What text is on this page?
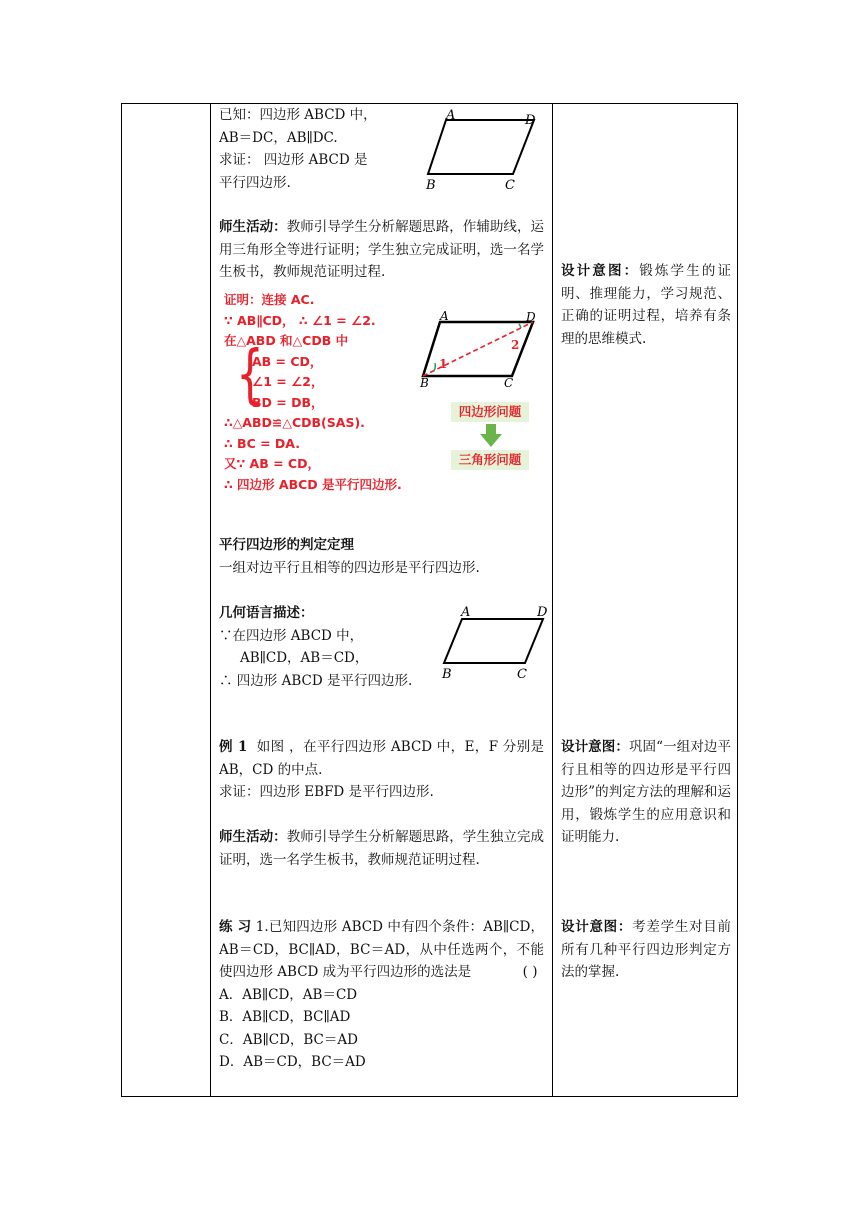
已知：四边形 ABCD 中，
AB＝DC，AB∥DC.
求证： 四边形 ABCD 是
平行四边形.
A	D
B	C
师生活动：教师引导学生分析解题思路，作辅助线，运用三角形全等进行证明；学生独立完成证明，选一名学生板书，教师规范证明过程.
证明：连接 AC.
∵ AB∥CD， ∴ ∠1 = ∠2.
在△ABD 和△CDB 中
AB = CD，
∠1 = ∠2，
BD = DB，
∴△ABD≌△CDB(SAS).
∴ BC = DA.
又∵ AB = CD，
∴ 四边形 ABCD 是平行四边形.
{
A	D
B	C
1
2
四边形问题
三角形问题
平行四边形的判定定理
一组对边平行且相等的四边形是平行四边形.
几何语言描述：
∵在四边形 ABCD 中，
AB∥CD，AB＝CD，
∴ 四边形 ABCD 是平行四边形.
A	D
B	C
例 1 如图 ，在平行四边形 ABCD 中，E，F 分别是 AB，CD 的中点.
求证：四边形 EBFD 是平行四边形.
师生活动：教师引导学生分析解题思路，学生独立完成证明，选一名学生板书，教师规范证明过程.
练 习 1.已知四边形 ABCD 中有四个条件：AB∥CD，AB＝CD，BC∥AD，BC＝AD，从中任选两个，不能使四边形 ABCD 成为平行四边形的选法是	( )
A．AB∥CD，AB＝CD
B．AB∥CD，BC∥AD
C．AB∥CD，BC＝AD
D．AB＝CD，BC＝AD
设计意图：锻炼学生的证明、推理能力，学习规范、正确的证明过程，培养有条理的思维模式.
设计意图：巩固“一组对边平行且相等的四边形是平行四边形”的判定方法的理解和运用，锻炼学生的应用意识和证明能力.
设计意图：考差学生对目前所有几种平行四边形判定方法的掌握.
